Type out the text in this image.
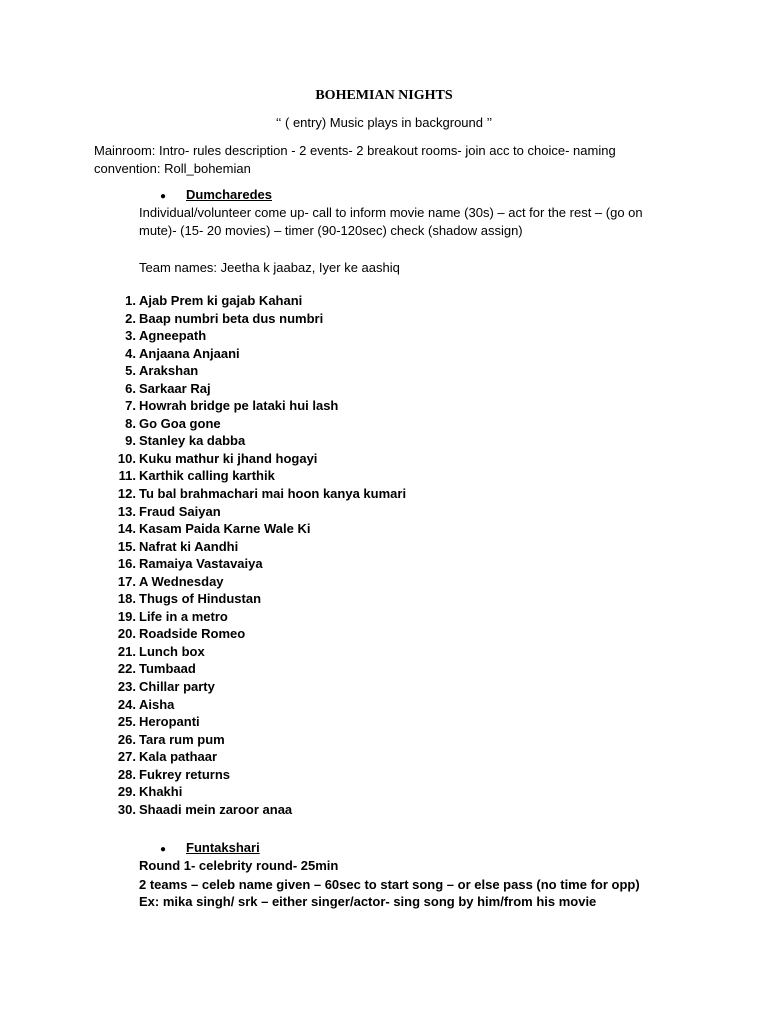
BOHEMIAN NIGHTS
‘‘ ( entry) Music plays in background ’’
Mainroom: Intro- rules description - 2 events- 2 breakout rooms- join acc to choice- naming convention: Roll_bohemian
● Dumcharedes
Individual/volunteer come up- call to inform movie name (30s) – act for the rest – (go on mute)- (15- 20 movies) – timer (90-120sec) check (shadow assign)
Team names: Jeetha k jaabaz, Iyer ke aashiq
1. Ajab Prem ki gajab Kahani
2. Baap numbri beta dus numbri
3. Agneepath
4. Anjaana Anjaani
5. Arakshan
6. Sarkaar Raj
7. Howrah bridge pe lataki hui lash
8. Go Goa gone
9. Stanley ka dabba
10. Kuku mathur ki jhand hogayi
11. Karthik calling karthik
12. Tu bal brahmachari mai hoon kanya kumari
13. Fraud Saiyan
14. Kasam Paida Karne Wale Ki
15. Nafrat ki Aandhi
16. Ramaiya Vastavaiya
17. A Wednesday
18. Thugs of Hindustan
19. Life in a metro
20. Roadside Romeo
21. Lunch box
22. Tumbaad
23. Chillar party
24. Aisha
25. Heropanti
26. Tara rum pum
27. Kala pathaar
28. Fukrey returns
29. Khakhi
30. Shaadi mein zaroor anaa
● Funtakshari
Round 1- celebrity round- 25min
2 teams – celeb name given – 60sec to start song – or else pass (no time for opp)
Ex: mika singh/ srk – either singer/actor- sing song by him/from his movie
